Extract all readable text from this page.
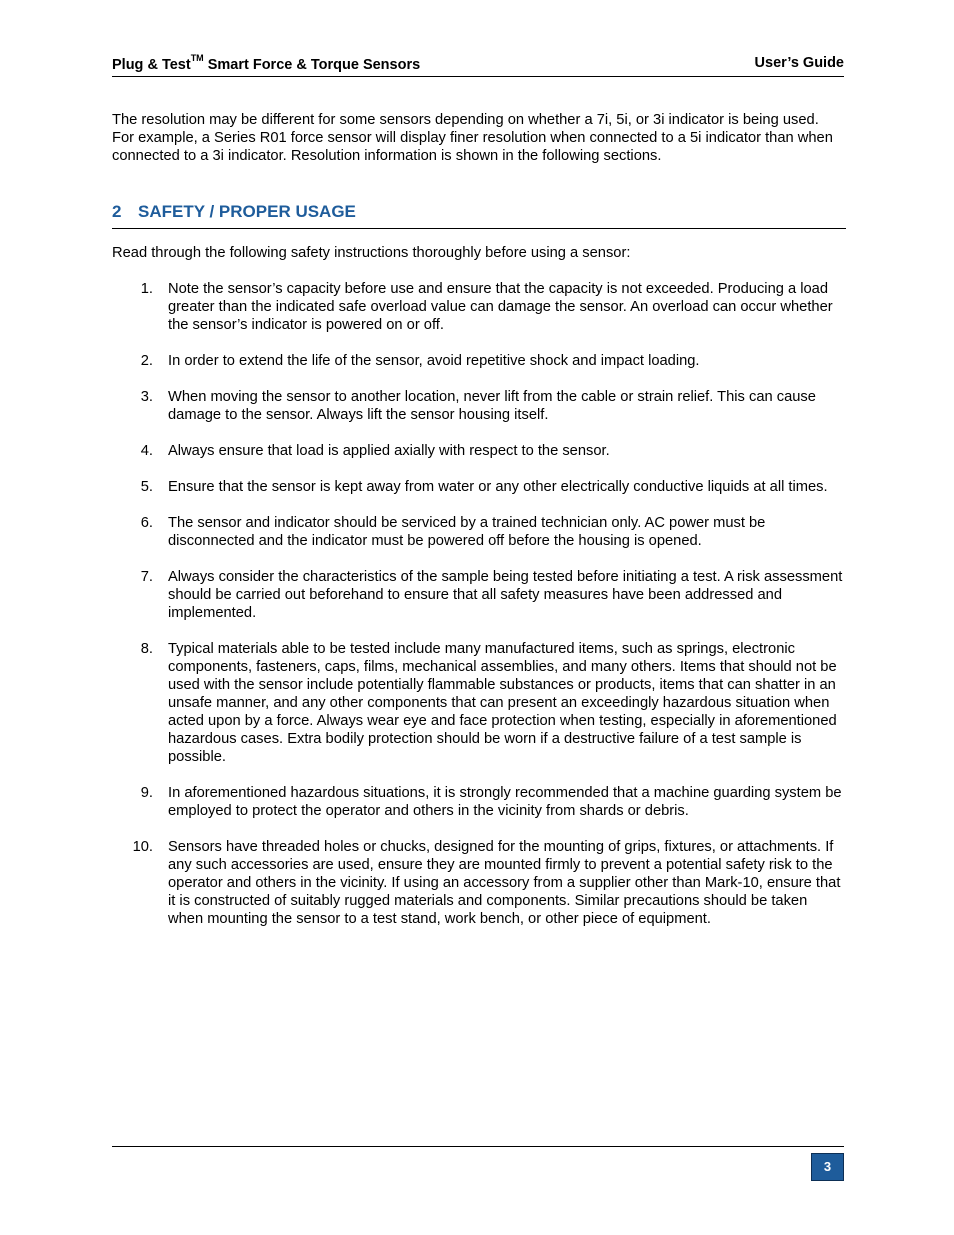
Plug & Test™ Smart Force & Torque Sensors	User’s Guide

The resolution may be different for some sensors depending on whether a 7i, 5i, or 3i indicator is being used. For example, a Series R01 force sensor will display finer resolution when connected to a 5i indicator than when connected to a 3i indicator. Resolution information is shown in the following sections.

2 SAFETY / PROPER USAGE

Read through the following safety instructions thoroughly before using a sensor:

1. Note the sensor’s capacity before use and ensure that the capacity is not exceeded. Producing a load greater than the indicated safe overload value can damage the sensor. An overload can occur whether the sensor’s indicator is powered on or off.
2. In order to extend the life of the sensor, avoid repetitive shock and impact loading.
3. When moving the sensor to another location, never lift from the cable or strain relief. This can cause damage to the sensor. Always lift the sensor housing itself.
4. Always ensure that load is applied axially with respect to the sensor.
5. Ensure that the sensor is kept away from water or any other electrically conductive liquids at all times.
6. The sensor and indicator should be serviced by a trained technician only. AC power must be disconnected and the indicator must be powered off before the housing is opened.
7. Always consider the characteristics of the sample being tested before initiating a test. A risk assessment should be carried out beforehand to ensure that all safety measures have been addressed and implemented.
8. Typical materials able to be tested include many manufactured items, such as springs, electronic components, fasteners, caps, films, mechanical assemblies, and many others. Items that should not be used with the sensor include potentially flammable substances or products, items that can shatter in an unsafe manner, and any other components that can present an exceedingly hazardous situation when acted upon by a force. Always wear eye and face protection when testing, especially in aforementioned hazardous cases. Extra bodily protection should be worn if a destructive failure of a test sample is possible.
9. In aforementioned hazardous situations, it is strongly recommended that a machine guarding system be employed to protect the operator and others in the vicinity from shards or debris.
10. Sensors have threaded holes or chucks, designed for the mounting of grips, fixtures, or attachments. If any such accessories are used, ensure they are mounted firmly to prevent a potential safety risk to the operator and others in the vicinity. If using an accessory from a supplier other than Mark-10, ensure that it is constructed of suitably rugged materials and components. Similar precautions should be taken when mounting the sensor to a test stand, work bench, or other piece of equipment.
3
